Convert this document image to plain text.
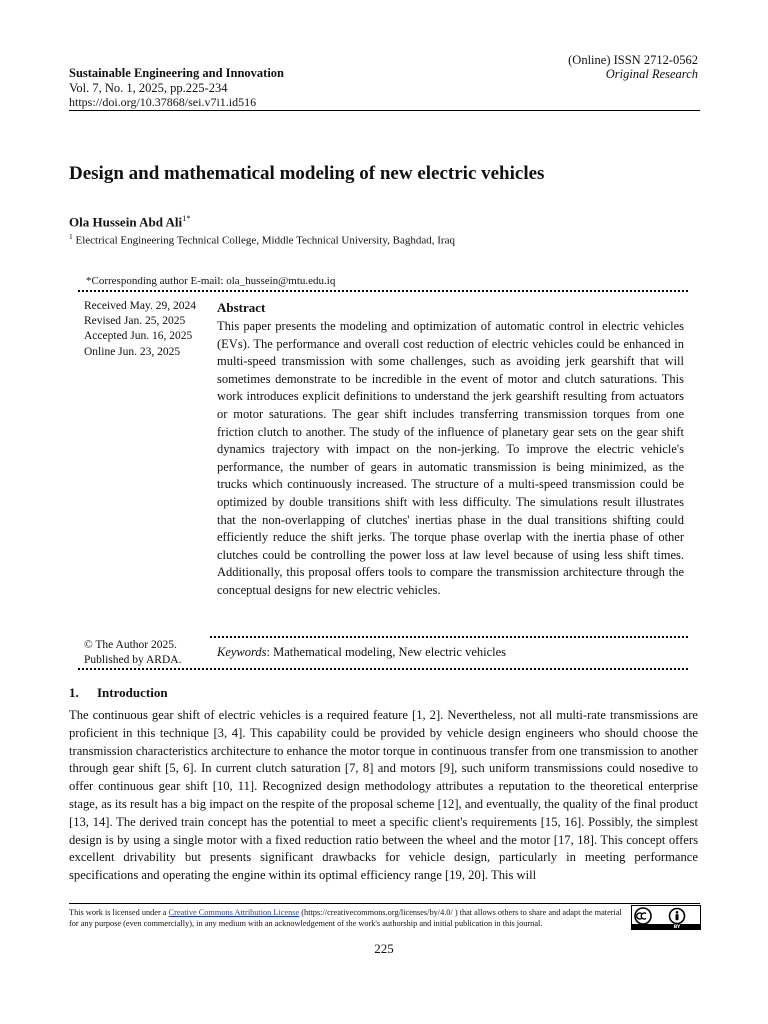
(Online) ISSN 2712-0562
Original Research
Sustainable Engineering and Innovation
Vol. 7, No. 1, 2025, pp.225-234
https://doi.org/10.37868/sei.v7i1.id516
Design and mathematical modeling of new electric vehicles
Ola Hussein Abd Ali$^{1*}$
$^1$ Electrical Engineering Technical College, Middle Technical University, Baghdad, Iraq
*Corresponding author E-mail: ola_hussein@mtu.edu.iq
Received May. 29, 2024
Revised Jan. 25, 2025
Accepted Jun. 16, 2025
Online Jun. 23, 2025
Abstract
This paper presents the modeling and optimization of automatic control in electric vehicles (EVs). The performance and overall cost reduction of electric vehicles could be enhanced in multi-speed transmission with some challenges, such as avoiding jerk gearshift that will sometimes demonstrate to be incredible in the event of motor and clutch saturations. This work introduces explicit definitions to understand the jerk gearshift resulting from actuators or motor saturations. The gear shift includes transferring transmission torques from one friction clutch to another. The study of the influence of planetary gear sets on the gear shift dynamics trajectory with impact on the non-jerking. To improve the electric vehicle's performance, the number of gears in automatic transmission is being minimized, as the trucks which continuously increased. The structure of a multi-speed transmission could be optimized by double transitions shift with less difficulty. The simulations result illustrates that the non-overlapping of clutches' inertias phase in the dual transitions shifting could efficiently reduce the shift jerks. The torque phase overlap with the inertia phase of other clutches could be controlling the power loss at law level because of using less shift times. Additionally, this proposal offers tools to compare the transmission architecture through the conceptual designs for new electric vehicles.
© The Author 2025.
Published by ARDA.
Keywords: Mathematical modeling, New electric vehicles
1. Introduction
The continuous gear shift of electric vehicles is a required feature [1, 2]. Nevertheless, not all multi-rate transmissions are proficient in this technique [3, 4]. This capability could be provided by vehicle design engineers who should choose the transmission characteristics architecture to enhance the motor torque in continuous transfer from one transmission to another through gear shift [5, 6]. In current clutch saturation [7, 8] and motors [9], such uniform transmissions could nosedive to offer continuous gear shift [10, 11]. Recognized design methodology attributes a reputation to the theoretical enterprise stage, as its result has a big impact on the respite of the proposal scheme [12], and eventually, the quality of the final product [13, 14]. The derived train concept has the potential to meet a specific client's requirements [15, 16]. Possibly, the simplest design is by using a single motor with a fixed reduction ratio between the wheel and the motor [17, 18]. This concept offers excellent drivability but presents significant drawbacks for vehicle design, particularly in meeting performance specifications and operating the engine within its optimal efficiency range [19, 20]. This will
This work is licensed under a Creative Commons Attribution License (https://creativecommons.org/licenses/by/4.0/ ) that allows others to share and adapt the material for any purpose (even commercially), in any medium with an acknowledgement of the work's authorship and initial publication in this journal.	BY
225
